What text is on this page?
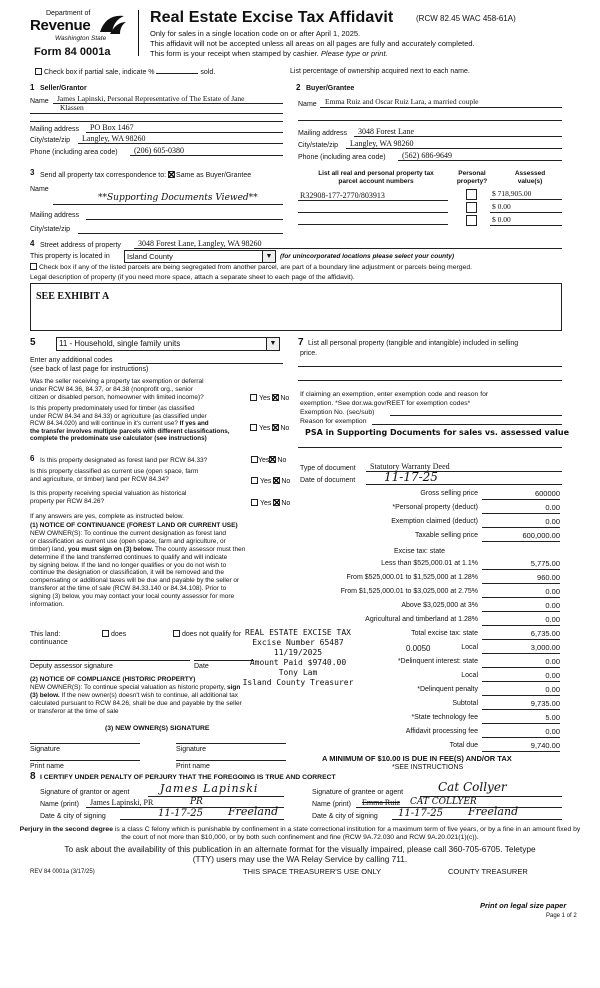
Department of
Revenue
Washington State
Form 84 0001a
Real Estate Excise Tax Affidavit	(RCW 82.45 WAC 458-61A)
Only for sales in a single location code on or after April 1, 2025.
This affidavit will not be accepted unless all areas on all pages are fully and accurately completed.
This form is your receipt when stamped by cashier. Please type or print.
Check box if partial sale, indicate %	sold.	List percentage of ownership acquired next to each name.
1 Seller/Grantor
Name James Lapinski, Personal Representative of The Estate of Jane
Klassen
Mailing address PO Box 1467
City/state/zip Langley, WA 98260
Phone (including area code) (206) 605-0380
2 Buyer/Grantee
Name Emma Ruiz and Oscar Ruiz Lara, a married couple
Mailing address 3048 Forest Lane
City/state/zip Langley, WA 98260
Phone (including area code) (562) 686-9649
3 Send all property tax correspondence to: Same as Buyer/Grantee
Name
**Supporting Documents Viewed**
Mailing address
City/state/zip
List all real and personal property tax
parcel account numbers
Personal
property?
Assessed
value(s)
R32908-177-2770/803913	$ 718,905.00
$ 0.00
$ 0.00
4 Street address of property 3048 Forest Lane, Langley, WA 98260
This property is located in	Island County	▼	(for unincorporated locations please select your county)
Check box if any of the listed parcels are being segregated from another parcel, are part of a boundary line adjustment or parcels being merged.
Legal description of property (if you need more space, attach a separate sheet to each page of the affidavit).
SEE EXHIBIT A
5	11 - Household, single family units	▼
Enter any additional codes
(see back of last page for instructions)
Was the seller receiving a property tax exemption or deferral
under RCW 84.36, 84.37, or 84.38 (nonprofit org., senior
citizen or disabled person, homeowner with limited income)?	Yes No
Is this property predominately used for timber (as classified
under RCW 84.34 and 84.33) or agriculture (as classified under
RCW 84.34.020) and will continue in it's current use? If yes and
the transfer involves multiple parcels with different classifications,
complete the predominate use calculator (see instructions)
Yes No
6 Is this property designated as forest land per RCW 84.33?	Yes No
Is this property classified as current use (open space, farm
and agriculture, or timber) land per RCW 84.34?	Yes No
Is this property receiving special valuation as historical
property per RCW 84.26?	Yes No
If any answers are yes, complete as instructed below.
(1) NOTICE OF CONTINUANCE (FOREST LAND OR CURRENT USE)
NEW OWNER(S): To continue the current designation as forest land
or classification as current use (open space, farm and agriculture, or
timber) land, you must sign on (3) below. The county assessor must then
determine if the land transferred continues to qualify and will indicate
by signing below. If the land no longer qualifies or you do not wish to
continue the designation or classification, it will be removed and the
compensating or additional taxes will be due and payable by the seller or
transferor at the time of sale (RCW 84.33.140 or 84.34.108). Prior to
signing (3) below, you may contact your local county assessor for more
information.
This land:
continuance
does	does not qualify for
Deputy assessor signature	Date
(2) NOTICE OF COMPLIANCE (HISTORIC PROPERTY)
NEW OWNER(S): To continue special valuation as historic property, sign
(3) below. If the new owner(s) doesn't wish to continue, all additional tax
calculated pursuant to RCW 84.26, shall be due and payable by the seller
or transferor at the time of sale
(3) NEW OWNER(S) SIGNATURE
Signature	Signature
Print name	Print name
7 List all personal property (tangible and intangible) included in selling
price.
If claiming an exemption, enter exemption code and reason for
exemption. *See dor.wa.gov/REET for exemption codes*
Exemption No. (sec/sub)
Reason for exemption
PSA in Supporting Documents for sales vs. assessed value
Type of document Statutory Warranty Deed
Date of document 11-17-25
Gross selling price	600000
*Personal property (deduct)	0.00
Exemption claimed (deduct)	0.00
Taxable selling price	600,000.00
Excise tax: state
Less than $525,000.01 at 1.1%	5,775.00
From $525,000.01 to $1,525,000 at 1.28%	960.00
From $1,525,000.01 to $3,025,000 at 2.75%	0.00
Above $3,025,000 at 3%	0.00
Agricultural and timberland at 1.28%	0.00
Total excise tax: state	6,735.00
0.0050	Local	3,000.00
*Delinquent interest: state	0.00
Local	0.00
*Delinquent penalty	0.00
Subtotal	9,735.00
*State technology fee	5.00
Affidavit processing fee	0.00
Total due	9,740.00
A MINIMUM OF $10.00 IS DUE IN FEE(S) AND/OR TAX
*SEE INSTRUCTIONS
REAL ESTATE EXCISE TAX
Excise Number 65487
11/19/2025
Amount Paid $9740.00
Tony Lam
Island County Treasurer
8 I CERTIFY UNDER PENALTY OF PERJURY THAT THE FOREGOING IS TRUE AND CORRECT
Signature of grantor or agent	James Lapinski
Name (print) James Lapinski, PR	PR
Date & city of signing	11-17-25 Freeland
Signature of grantee or agent	Cat Collyer
Name (print) Emma Ruiz CAT COLLYER
Date & city of signing 11-17-25 Freeland
Perjury in the second degree is a class C felony which is punishable by confinement in a state correctional institution for a maximum term of five years, or by a fine in an amount fixed by the court of not more than $10,000, or by both such confinement and fine (RCW 9A.72.030 and RCW 9A.20.021(1)(c)).
To ask about the availability of this publication in an alternate format for the visually impaired, please call 360-705-6705. Teletype
(TTY) users may use the WA Relay Service by calling 711.
REV 84 0001a (3/17/25)	THIS SPACE TREASURER'S USE ONLY	COUNTY TREASURER
Print on legal size paper
Page 1 of 2
